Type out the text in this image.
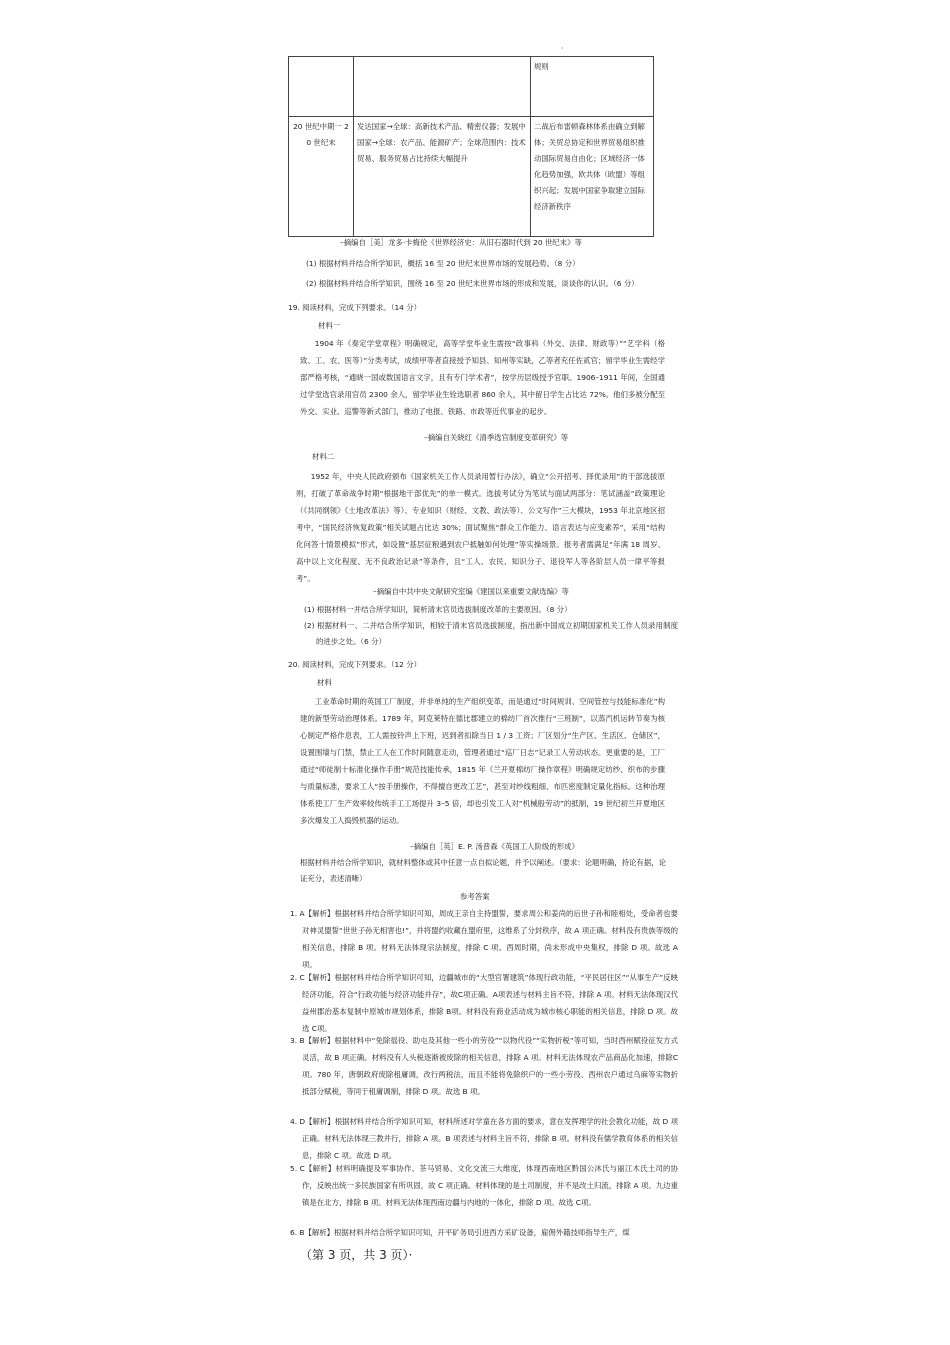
·
		规则
20 世纪中期一 20 世纪末	发达国家→全球：高新技术产品、精密仪器；发展中国家→全球：农产品、能源矿产；全球范围内：技术贸易、服务贸易占比持续大幅提升	二战后布雷顿森林体系由确立到解体；关贸总协定和世界贸易组织推动国际贸易自由化；区域经济一体化趋势加强，欧共体（欧盟）等组织兴起；发展中国家争取建立国际经济新秩序
–摘编自［美］龙多·卡梅伦《世界经济史：从旧石器时代到 20 世纪末》等
(1) 根据材料并结合所学知识，概括 16 至 20 世纪末世界市场的发展趋势。（8 分）
(2) 根据材料并结合所学知识，围绕 16 至 20 世纪末世界市场的形成和发展，谈谈你的认识。（6 分）
19. 阅读材料，完成下列要求。（14 分）
材料一
1904 年《奏定学堂章程》明确规定，高等学堂毕业生需按“政事科（外交、法律、财政等）”“艺学科（格致、工、农、医等）”分类考试，成绩甲等者直接授予知县、知州等实缺，乙等者充任佐贰官；留学毕业生需经学部严格考核，“通晓一国或数国语言文字，且有专门学术者”，按学历层级授予官职。1906–1911 年间，全国通过学堂选官录用官员 2300 余人，留学毕业生铨选职者 860 余人，其中留日学生占比达 72%。他们多被分配至外交、实业、巡警等新式部门，推动了电报、铁路、市政等近代事业的起步。
–摘编自关晓红《清季选官制度变革研究》等
材料二
1952 年，中央人民政府颁布《国家机关工作人员录用暂行办法》，确立“公开招考、择优录用”的干部选拔原则，打破了革命战争时期“根据地干部优先”的单一模式。选拔考试分为笔试与面试两部分：笔试涵盖“政策理论（《共同纲领》《土地改革法》等）、专业知识（财经、文教、政法等）、公文写作”三大模块，1953 年北京地区招考中，“国民经济恢复政策”相关试题占比达 30%；面试聚焦“群众工作能力、语言表达与应变素养”，采用“结构化问答十情景模拟”形式，如设置“基层征粮遇到农户抵触如何处理”等实操场景。报考者需满足“年满 18 周岁、高中以上文化程度、无不良政治记录”等条件，且“工人、农民、知识分子、退役军人等各阶层人员一律平等报考”。
–摘编自中共中央文献研究室编《建国以来重要文献选编》等
(1) 根据材料一并结合所学知识，简析清末官员选拔制度改革的主要原因。（8 分）
(2) 根据材料一、二并结合所学知识，相较于清末官员选拔制度，指出新中国成立初期国家机关工作人员录用制度的进步之处。（6 分）
20. 阅读材料，完成下列要求。（12 分）
材料
工业革命时期的英国工厂制度，并非单纯的生产组织变革，而是通过“时间规训、空间管控与技能标准化”构建的新型劳动治理体系。1789 年，阿克莱特在德比郡建立的棉纺厂首次推行“三班制”，以蒸汽机运转节奏为核心制定严格作息表，工人需按铃声上下班，迟到者扣除当日 1 / 3 工资；厂区划分“生产区、生活区、仓储区”，设置围墙与门禁，禁止工人在工作时间随意走动，管理者通过“巡厂日志”记录工人劳动状态。更重要的是，工厂通过“师徒制十标准化操作手册”规范技能传承，1815 年《兰开夏棉纺厂操作章程》明确规定纺纱、织布的步骤与质量标准，要求工人“按手册操作，不得擅自更改工艺”，甚至对纱线粗细、布匹密度制定量化指标。这种治理体系使工厂生产效率较传统手工工场提升 3–5 倍，却也引发工人对“机械般劳动”的抵制，19 世纪初兰开夏地区多次爆发工人捣毁机器的运动。
–摘编自［英］E. P. 汤普森《英国工人阶级的形成》
根据材料并结合所学知识，就材料整体或其中任意一点自拟论题，并予以阐述。（要求：论题明确，持论有据，论证充分，表述清晰）
参考答案
1. A【解析】根据材料并结合所学知识可知，周成王亲自主持盟誓，要求周公和姜尚的后世子孙和睦相处，受命者也要对神灵盟誓“世世子孙无相害也!”，并将盟约收藏在盟府里，这维系了分封秩序，故 A 项正确。材料没有贵族等级的相关信息，排除 B 项。材料无法体现宗法制度，排除 C 项。西周时期，尚未形成中央集权，排除 D 项。故选 A 项。
2. C【解析】根据材料并结合所学知识可知，边疆城市的“大型官署建筑”体现行政功能，“平民居住区”“从事生产”反映经济功能，符合“行政功能与经济功能并存”，故C项正确。A项表述与材料主旨不符，排除 A 项。材料无法体现汉代益州郡治基本复制中原城市规划体系，排除 B项。材料没有商业活动成为城市核心职能的相关信息，排除 D 项。故选 C项。
3. B【解析】根据材料中“免除徭役、助屯及其他一些小的劳役”“以物代役”“实物折税”等可知，当时西州赋役征发方式灵活，故 B 项正确。材料没有人头税逐渐被废除的相关信息，排除 A 项。材料无法体现农产品商品化加速，排除C项。780 年，唐朝政府废除租庸调，改行两税法，而且不能将免除织户的一些小劳役、西州农户通过乌麻等实物折抵部分赋税，等同于租庸调制，排除 D 项。故选 B 项。
4. D【解析】根据材料并结合所学知识可知，材料所述对学童在各方面的要求，意在发挥理学的社会教化功能，故 D 项正确。材料无法体现三教并行，排除 A 项。B 项表述与材料主旨不符，排除 B 项。材料没有儒学教育体系的相关信息，排除 C 项。故选 D 项。
5. C【解析】材料明确提及军事协作、茶马贸易、文化交流三大维度，体现西南地区黔国公沐氏与丽江木氏土司的协作，反映出统一多民族国家有所巩固，故 C 项正确。材料体现的是土司制度，并不是改土归流，排除 A 项。九边重镇是在北方，排除 B 项。材料无法体现西南边疆与内地的一体化，排除 D 项。故选 C项。
6. B【解析】根据材料并结合所学知识可知，开平矿务局引进西方采矿设备，雇佣外籍技师指导生产，煤
（第 3 页，共 3 页）·
